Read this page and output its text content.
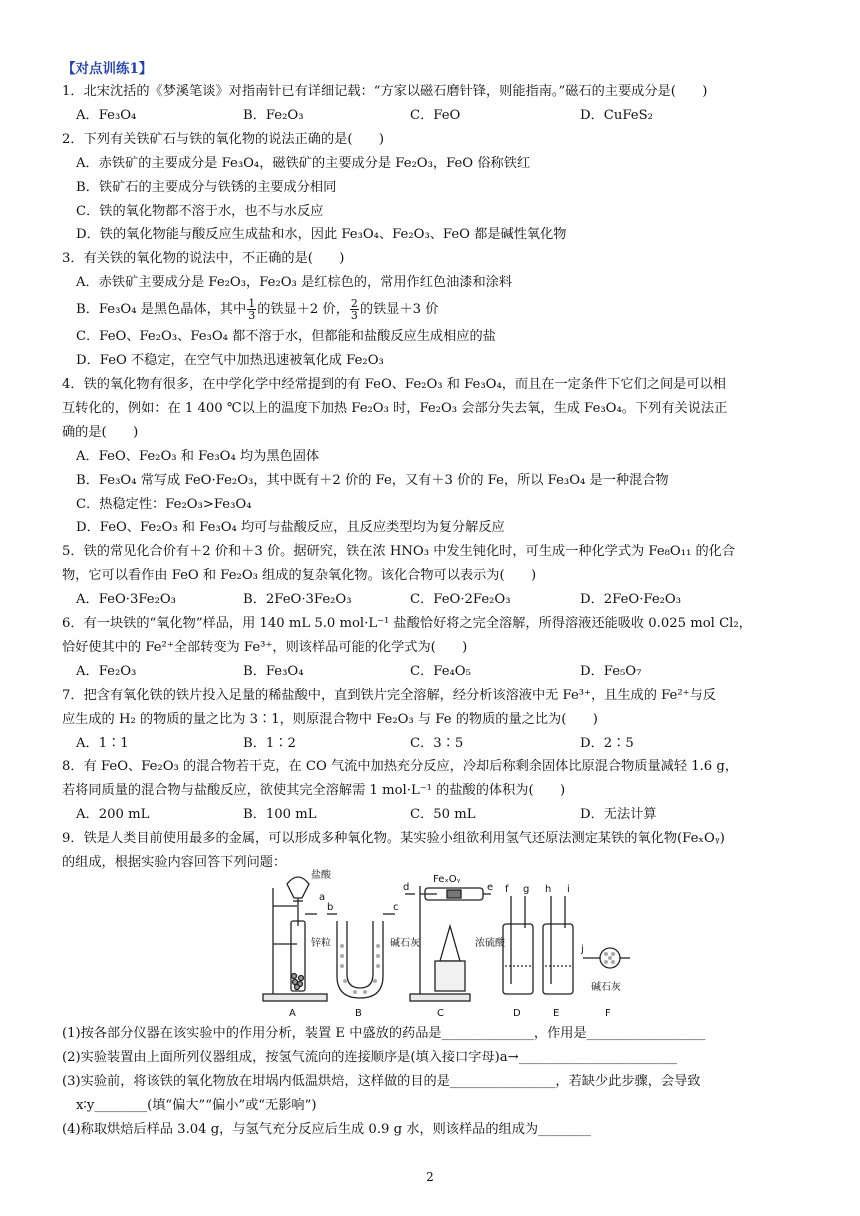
【对点训练1】
1．北宋沈括的《梦溪笔谈》对指南针已有详细记载：“方家以磁石磨针锋，则能指南。”磁石的主要成分是(　　)
A．Fe₃O₄	B．Fe₂O₃	C．FeO	D．CuFeS₂
2．下列有关铁矿石与铁的氧化物的说法正确的是(　　)
A．赤铁矿的主要成分是 Fe₃O₄，磁铁矿的主要成分是 Fe₂O₃，FeO 俗称铁红
B．铁矿石的主要成分与铁锈的主要成分相同
C．铁的氧化物都不溶于水，也不与水反应
D．铁的氧化物能与酸反应生成盐和水，因此 Fe₃O₄、Fe₂O₃、FeO 都是碱性氧化物
3．有关铁的氧化物的说法中，不正确的是(　　)
A．赤铁矿主要成分是 Fe₂O₃，Fe₂O₃ 是红棕色的，常用作红色油漆和涂料
B．Fe₃O₄ 是黑色晶体，其中 $\frac{1}{3}$ 的铁显＋2 价， $\frac{2}{3}$ 的铁显＋3 价
C．FeO、Fe₂O₃、Fe₃O₄ 都不溶于水，但都能和盐酸反应生成相应的盐
D．FeO 不稳定，在空气中加热迅速被氧化成 Fe₂O₃
4．铁的氧化物有很多，在中学化学中经常提到的有 FeO、Fe₂O₃ 和 Fe₃O₄，而且在一定条件下它们之间是可以相
互转化的，例如：在 1 400 ℃以上的温度下加热 Fe₂O₃ 时，Fe₂O₃ 会部分失去氧，生成 Fe₃O₄。下列有关说法正
确的是(　　)
A．FeO、Fe₂O₃ 和 Fe₃O₄ 均为黑色固体
B．Fe₃O₄ 常写成 FeO·Fe₂O₃，其中既有＋2 价的 Fe，又有＋3 价的 Fe，所以 Fe₃O₄ 是一种混合物
C．热稳定性：Fe₂O₃>Fe₃O₄
D．FeO、Fe₂O₃ 和 Fe₃O₄ 均可与盐酸反应，且反应类型均为复分解反应
5．铁的常见化合价有＋2 价和＋3 价。据研究，铁在浓 HNO₃ 中发生钝化时，可生成一种化学式为 Fe₈O₁₁ 的化合
物，它可以看作由 FeO 和 Fe₂O₃ 组成的复杂氧化物。该化合物可以表示为(　　)
A．FeO·3Fe₂O₃	B．2FeO·3Fe₂O₃	C．FeO·2Fe₂O₃	D．2FeO·Fe₂O₃
6．有一块铁的“氧化物”样品，用 140 mL 5.0 mol·L⁻¹ 盐酸恰好将之完全溶解，所得溶液还能吸收 0.025 mol Cl₂，
恰好使其中的 Fe²⁺全部转变为 Fe³⁺，则该样品可能的化学式为(　　)
A．Fe₂O₃	B．Fe₃O₄	C．Fe₄O₅	D．Fe₅O₇
7．把含有氧化铁的铁片投入足量的稀盐酸中，直到铁片完全溶解，经分析该溶液中无 Fe³⁺，且生成的 Fe²⁺与反
应生成的 H₂ 的物质的量之比为 3∶1，则原混合物中 Fe₂O₃ 与 Fe 的物质的量之比为(　　)
A．1∶1	B．1∶2	C．3∶5	D．2∶5
8．有 FeO、Fe₂O₃ 的混合物若干克，在 CO 气流中加热充分反应，冷却后称剩余固体比原混合物质量减轻 1.6 g，
若将同质量的混合物与盐酸反应，欲使其完全溶解需 1 mol·L⁻¹ 的盐酸的体积为(　　)
A．200 mL	B．100 mL	C．50 mL	D．无法计算
9．铁是人类目前使用最多的金属，可以形成多种氧化物。某实验小组欲利用氢气还原法测定某铁的氧化物(FeₓOᵧ)
的组成，根据实验内容回答下列问题：
盐酸
锌粒	碱石灰
FeₓOᵧ
浓硫酸
碱石灰
a
b	c
d	e f g h i
j
A	B	C	D	E	F
(1)按各部分仪器在该实验中的作用分析，装置 E 中盛放的药品是______________，作用是__________________
(2)实验装置由上面所列仪器组成，按氢气流向的连接顺序是(填入接口字母)a→________________________
(3)实验前，将该铁的氧化物放在坩埚内低温烘焙，这样做的目的是________________，若缺少此步骤，会导致
x∶y________(填“偏大”“偏小”或“无影响”)
(4)称取烘焙后样品 3.04 g，与氢气充分反应后生成 0.9 g 水，则该样品的组成为________
2
